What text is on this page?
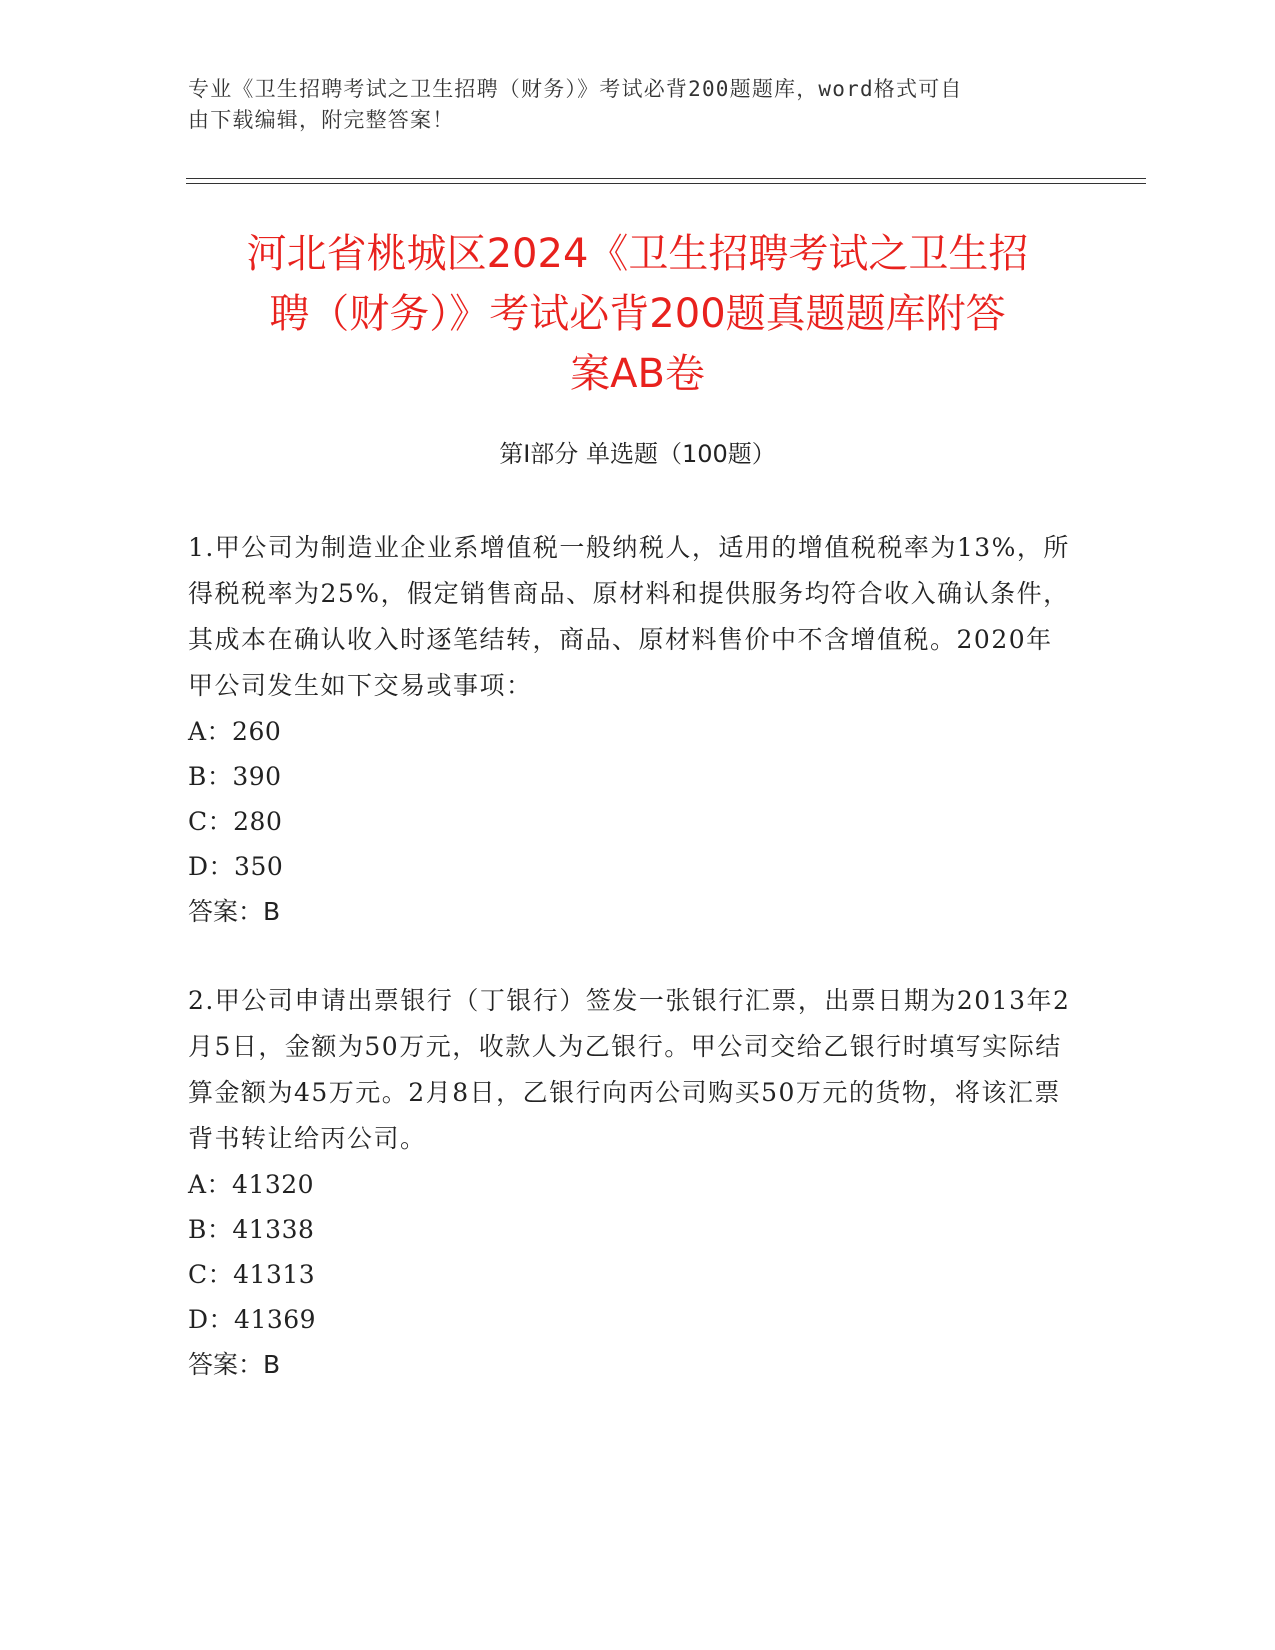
专业《卫生招聘考试之卫生招聘（财务）》考试必背200题题库，word格式可自
由下载编辑，附完整答案！
河北省桃城区2024《卫生招聘考试之卫生招
聘（财务）》考试必背200题真题题库附答
案AB卷
第Ⅰ部分 单选题（100题）

1.甲公司为制造业企业系增值税一般纳税人，适用的增值税税率为13%，所得税税率为25%，假定销售商品、原材料和提供服务均符合收入确认条件，其成本在确认收入时逐笔结转，商品、原材料售价中不含增值税。2020年甲公司发生如下交易或事项：

A：260
B：390
C：280
D：350

答案：B

2.甲公司申请出票银行（丁银行）签发一张银行汇票，出票日期为2013年2月5日，金额为50万元，收款人为乙银行。甲公司交给乙银行时填写实际结算金额为45万元。2月8日，乙银行向丙公司购买50万元的货物，将该汇票背书转让给丙公司。

A：41320
B：41338
C：41313
D：41369

答案：B
